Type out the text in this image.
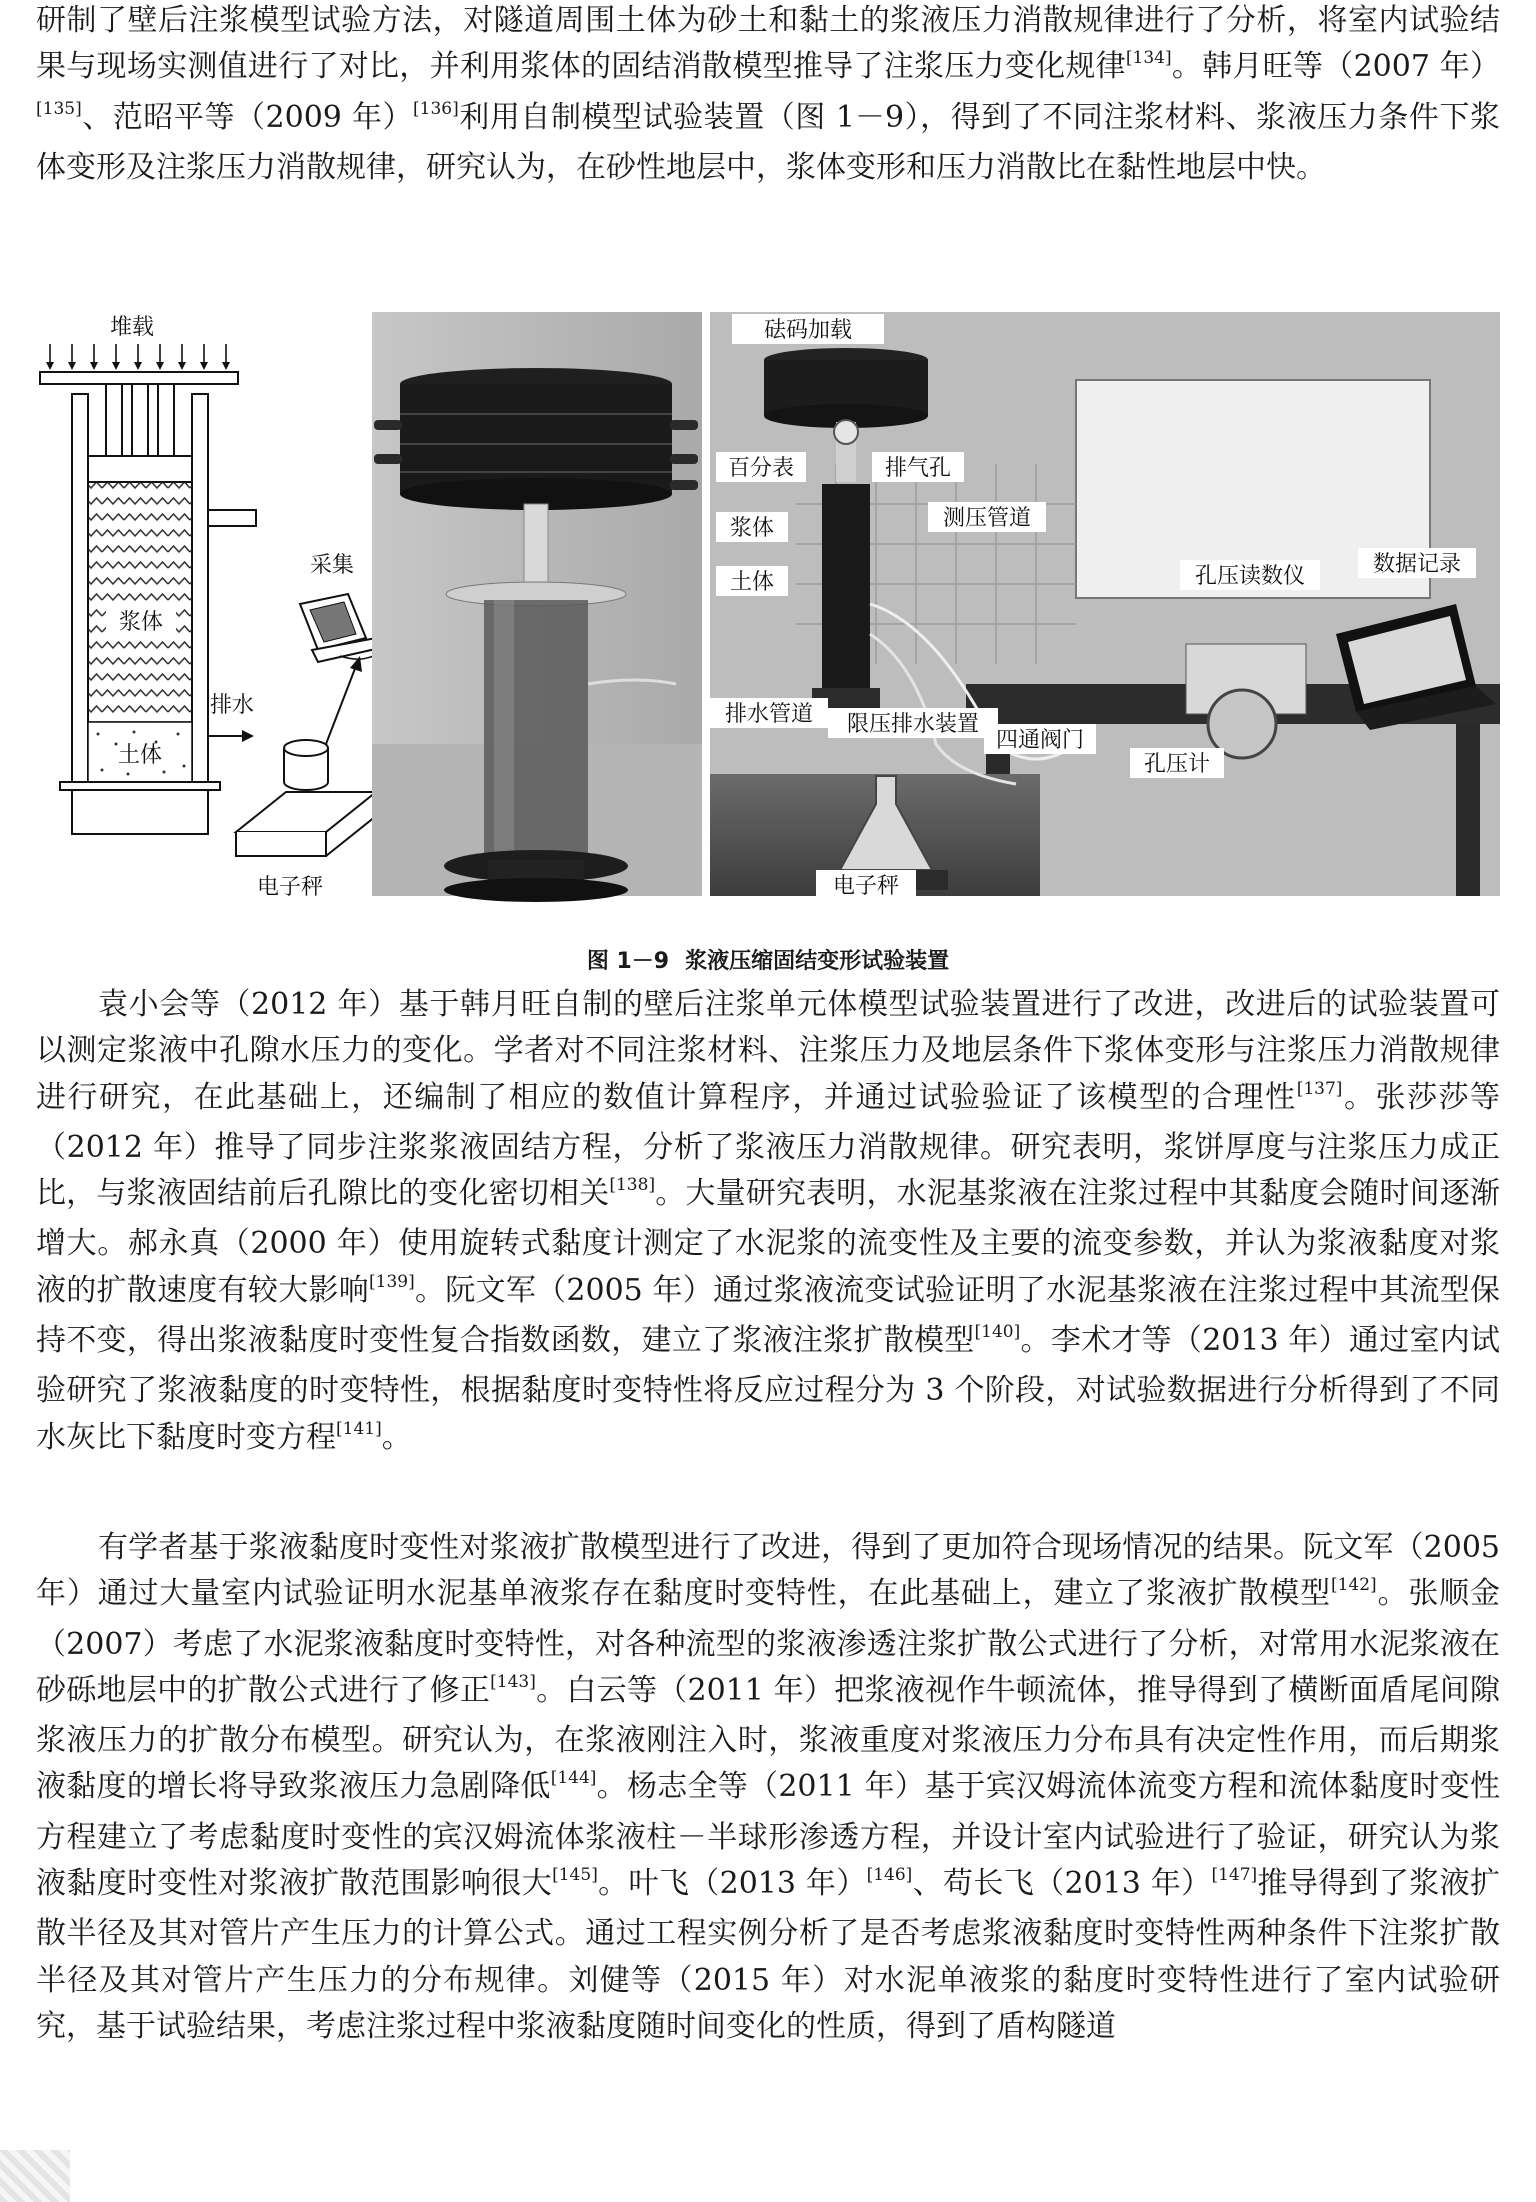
研制了壁后注浆模型试验方法，对隧道周围土体为砂土和黏土的浆液压力消散规律进行了分析，将室内试验结果与现场实测值进行了对比，并利用浆体的固结消散模型推导了注浆压力变化规律[134]。韩月旺等（2007 年）[135]、范昭平等（2009 年）[136]利用自制模型试验装置（图 1－9），得到了不同注浆材料、浆液压力条件下浆体变形及注浆压力消散规律，研究认为，在砂性地层中，浆体变形和压力消散比在黏性地层中快。

堆载
浆体
土体
排水
电子秤
采集
砝码加载
百分表	排气孔
浆体	测压管道
土体	孔压读数仪	数据记录
排水管道 限压排水装置
四通阀门
孔压计
电子秤
图 1－9 浆液压缩固结变形试验装置

袁小会等（2012 年）基于韩月旺自制的壁后注浆单元体模型试验装置进行了改进，改进后的试验装置可以测定浆液中孔隙水压力的变化。学者对不同注浆材料、注浆压力及地层条件下浆体变形与注浆压力消散规律进行研究，在此基础上，还编制了相应的数值计算程序，并通过试验验证了该模型的合理性[137]。张莎莎等（2012 年）推导了同步注浆浆液固结方程，分析了浆液压力消散规律。研究表明，浆饼厚度与注浆压力成正比，与浆液固结前后孔隙比的变化密切相关[138]。大量研究表明，水泥基浆液在注浆过程中其黏度会随时间逐渐增大。郝永真（2000 年）使用旋转式黏度计测定了水泥浆的流变性及主要的流变参数，并认为浆液黏度对浆液的扩散速度有较大影响[139]。阮文军（2005 年）通过浆液流变试验证明了水泥基浆液在注浆过程中其流型保持不变，得出浆液黏度时变性复合指数函数，建立了浆液注浆扩散模型[140]。李术才等（2013 年）通过室内试验研究了浆液黏度的时变特性，根据黏度时变特性将反应过程分为 3 个阶段，对试验数据进行分析得到了不同水灰比下黏度时变方程[141]。

有学者基于浆液黏度时变性对浆液扩散模型进行了改进，得到了更加符合现场情况的结果。阮文军（2005 年）通过大量室内试验证明水泥基单液浆存在黏度时变特性，在此基础上，建立了浆液扩散模型[142]。张顺金（2007）考虑了水泥浆液黏度时变特性，对各种流型的浆液渗透注浆扩散公式进行了分析，对常用水泥浆液在砂砾地层中的扩散公式进行了修正[143]。白云等（2011 年）把浆液视作牛顿流体，推导得到了横断面盾尾间隙浆液压力的扩散分布模型。研究认为，在浆液刚注入时，浆液重度对浆液压力分布具有决定性作用，而后期浆液黏度的增长将导致浆液压力急剧降低[144]。杨志全等（2011 年）基于宾汉姆流体流变方程和流体黏度时变性方程建立了考虑黏度时变性的宾汉姆流体浆液柱－半球形渗透方程，并设计室内试验进行了验证，研究认为浆液黏度时变性对浆液扩散范围影响很大[145]。叶飞（2013 年）[146]、苟长飞（2013 年）[147]推导得到了浆液扩散半径及其对管片产生压力的计算公式。通过工程实例分析了是否考虑浆液黏度时变特性两种条件下注浆扩散半径及其对管片产生压力的分布规律。刘健等（2015 年）对水泥单液浆的黏度时变特性进行了室内试验研究，基于试验结果，考虑注浆过程中浆液黏度随时间变化的性质，得到了盾构隧道
